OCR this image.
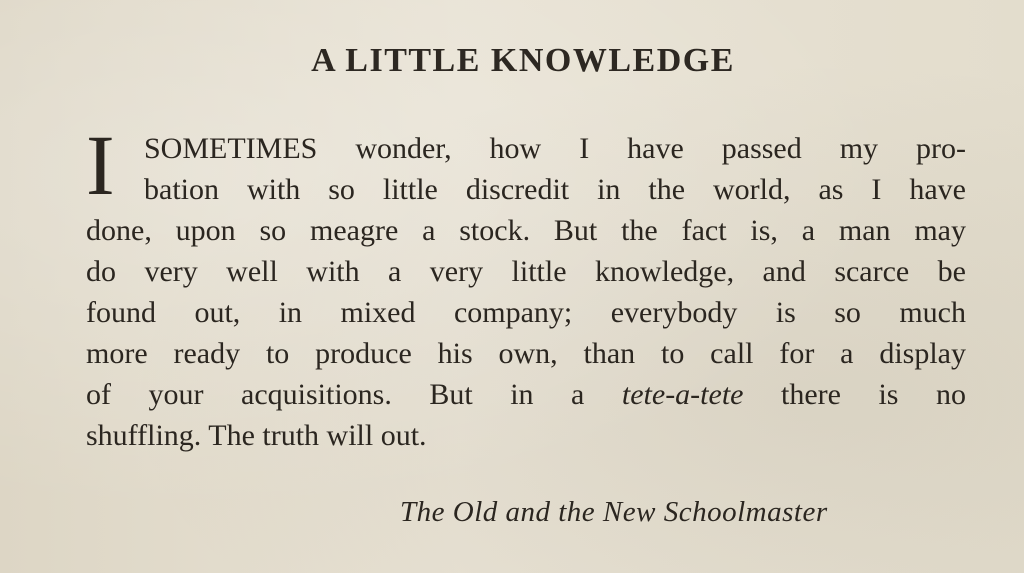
A LITTLE KNOWLEDGE
I SOMETIMES wonder, how I have passed my pro-
bation with so little discredit in the world, as I have
done, upon so meagre a stock. But the fact is, a man may
do very well with a very little knowledge, and scarce be
found out, in mixed company; everybody is so much
more ready to produce his own, than to call for a display
of your acquisitions. But in a tete-a-tete there is no
shuffling. The truth will out.

The Old and the New Schoolmaster
